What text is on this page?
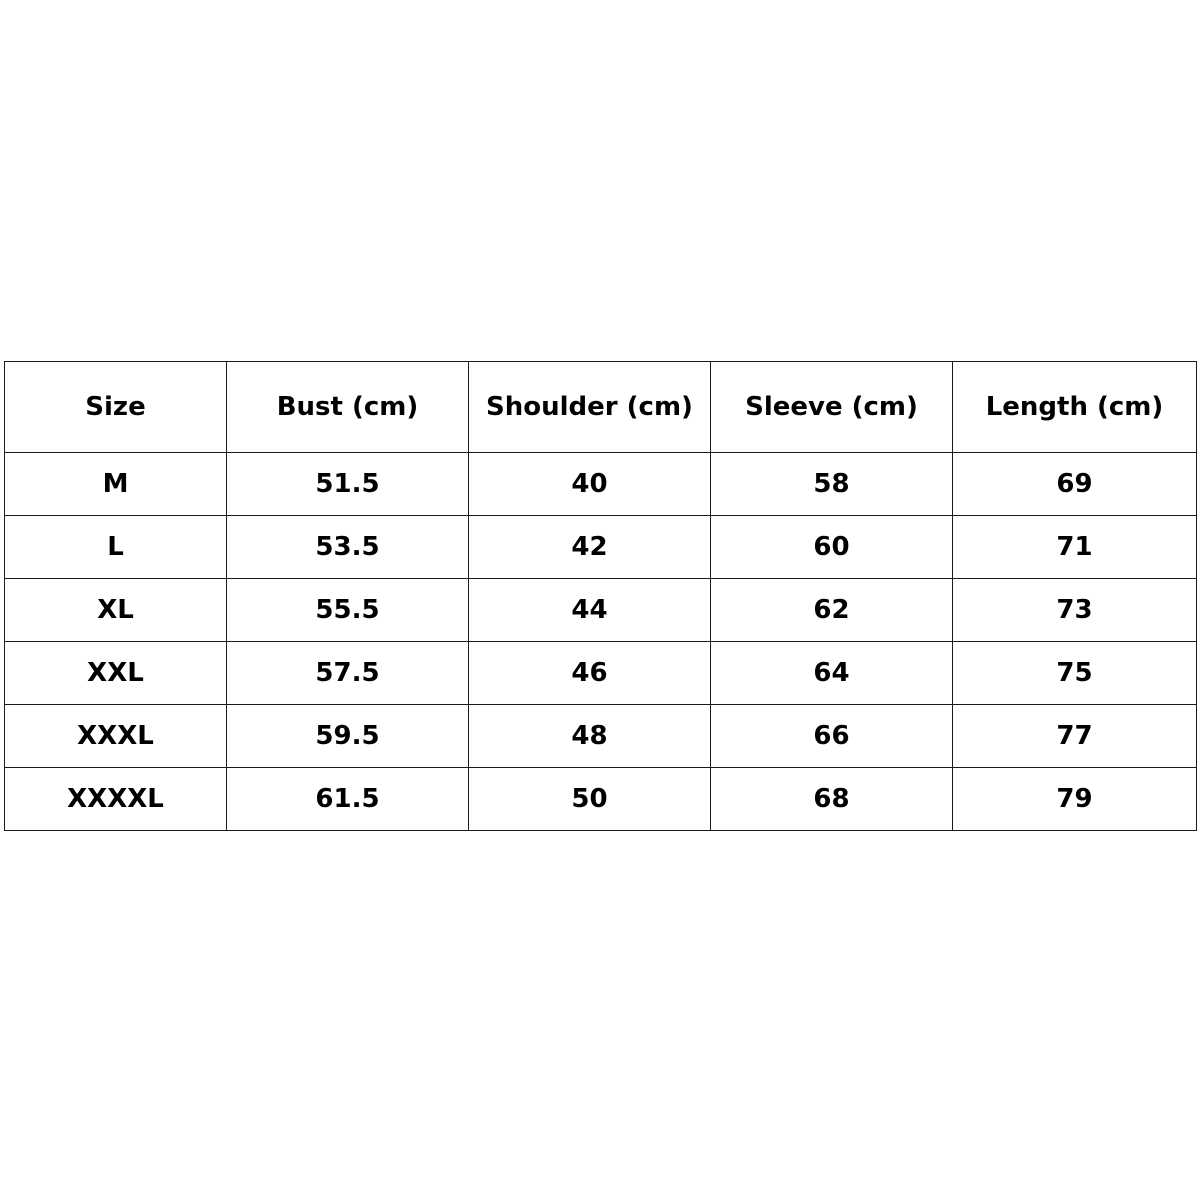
Size	Bust (cm)	Shoulder (cm)	Sleeve (cm)	Length (cm)
M	51.5	40	58	69
L	53.5	42	60	71
XL	55.5	44	62	73
XXL	57.5	46	64	75
XXXL	59.5	48	66	77
XXXXL	61.5	50	68	79
